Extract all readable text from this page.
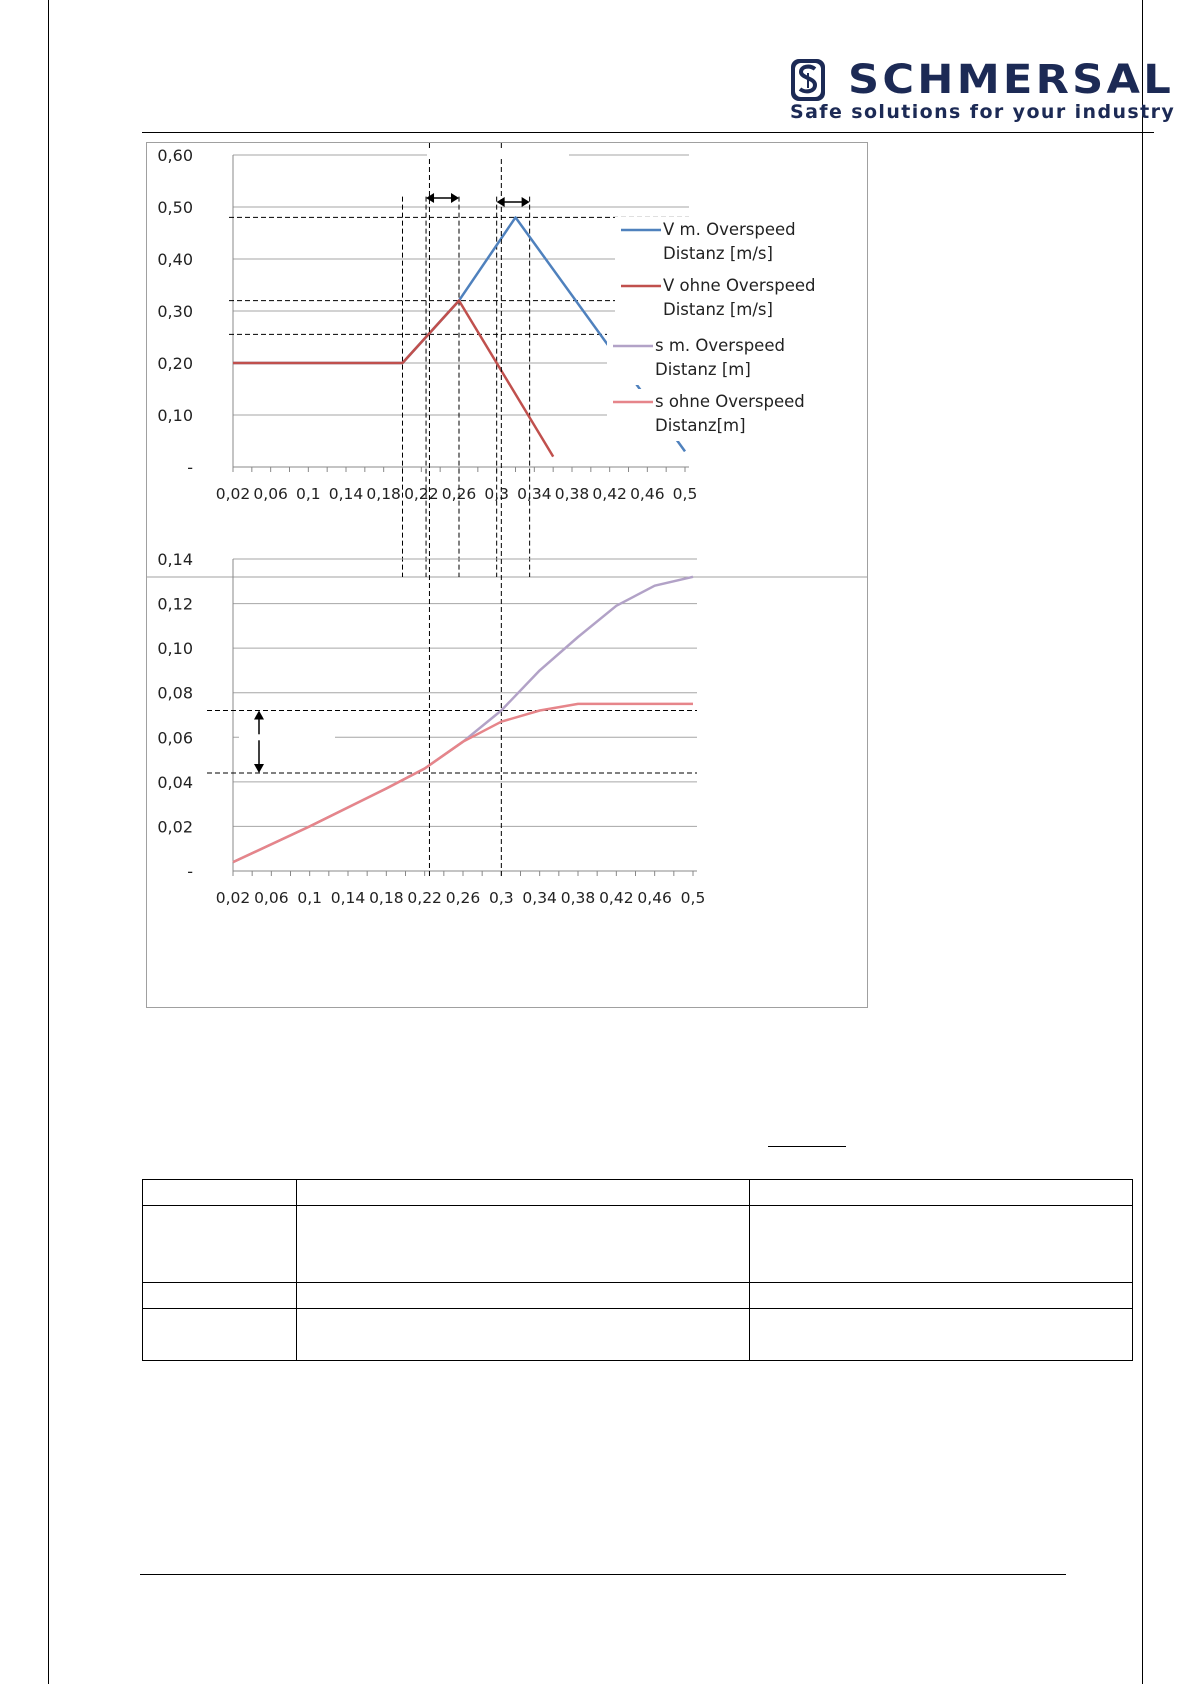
SCHMERSAL
Safe solutions for your industry
-
0,10
0,20
0,30
0,40
0,50
0,60
0,02 0,06 0,1 0,14 0,18 0,22 0,26 0,3 0,34 0,38 0,42 0,46 0,5
V m. Overspeed
Distanz [m/s]
V ohne Overspeed
Distanz [m/s]
-
0,02
0,04
0,06
0,08
0,10
0,12
0,14
0,02 0,06 0,1 0,14 0,18 0,22 0,26 0,3 0,34 0,38 0,42 0,46 0,5
s m. Overspeed
Distanz [m]
s ohne Overspeed
Distanz[m]
